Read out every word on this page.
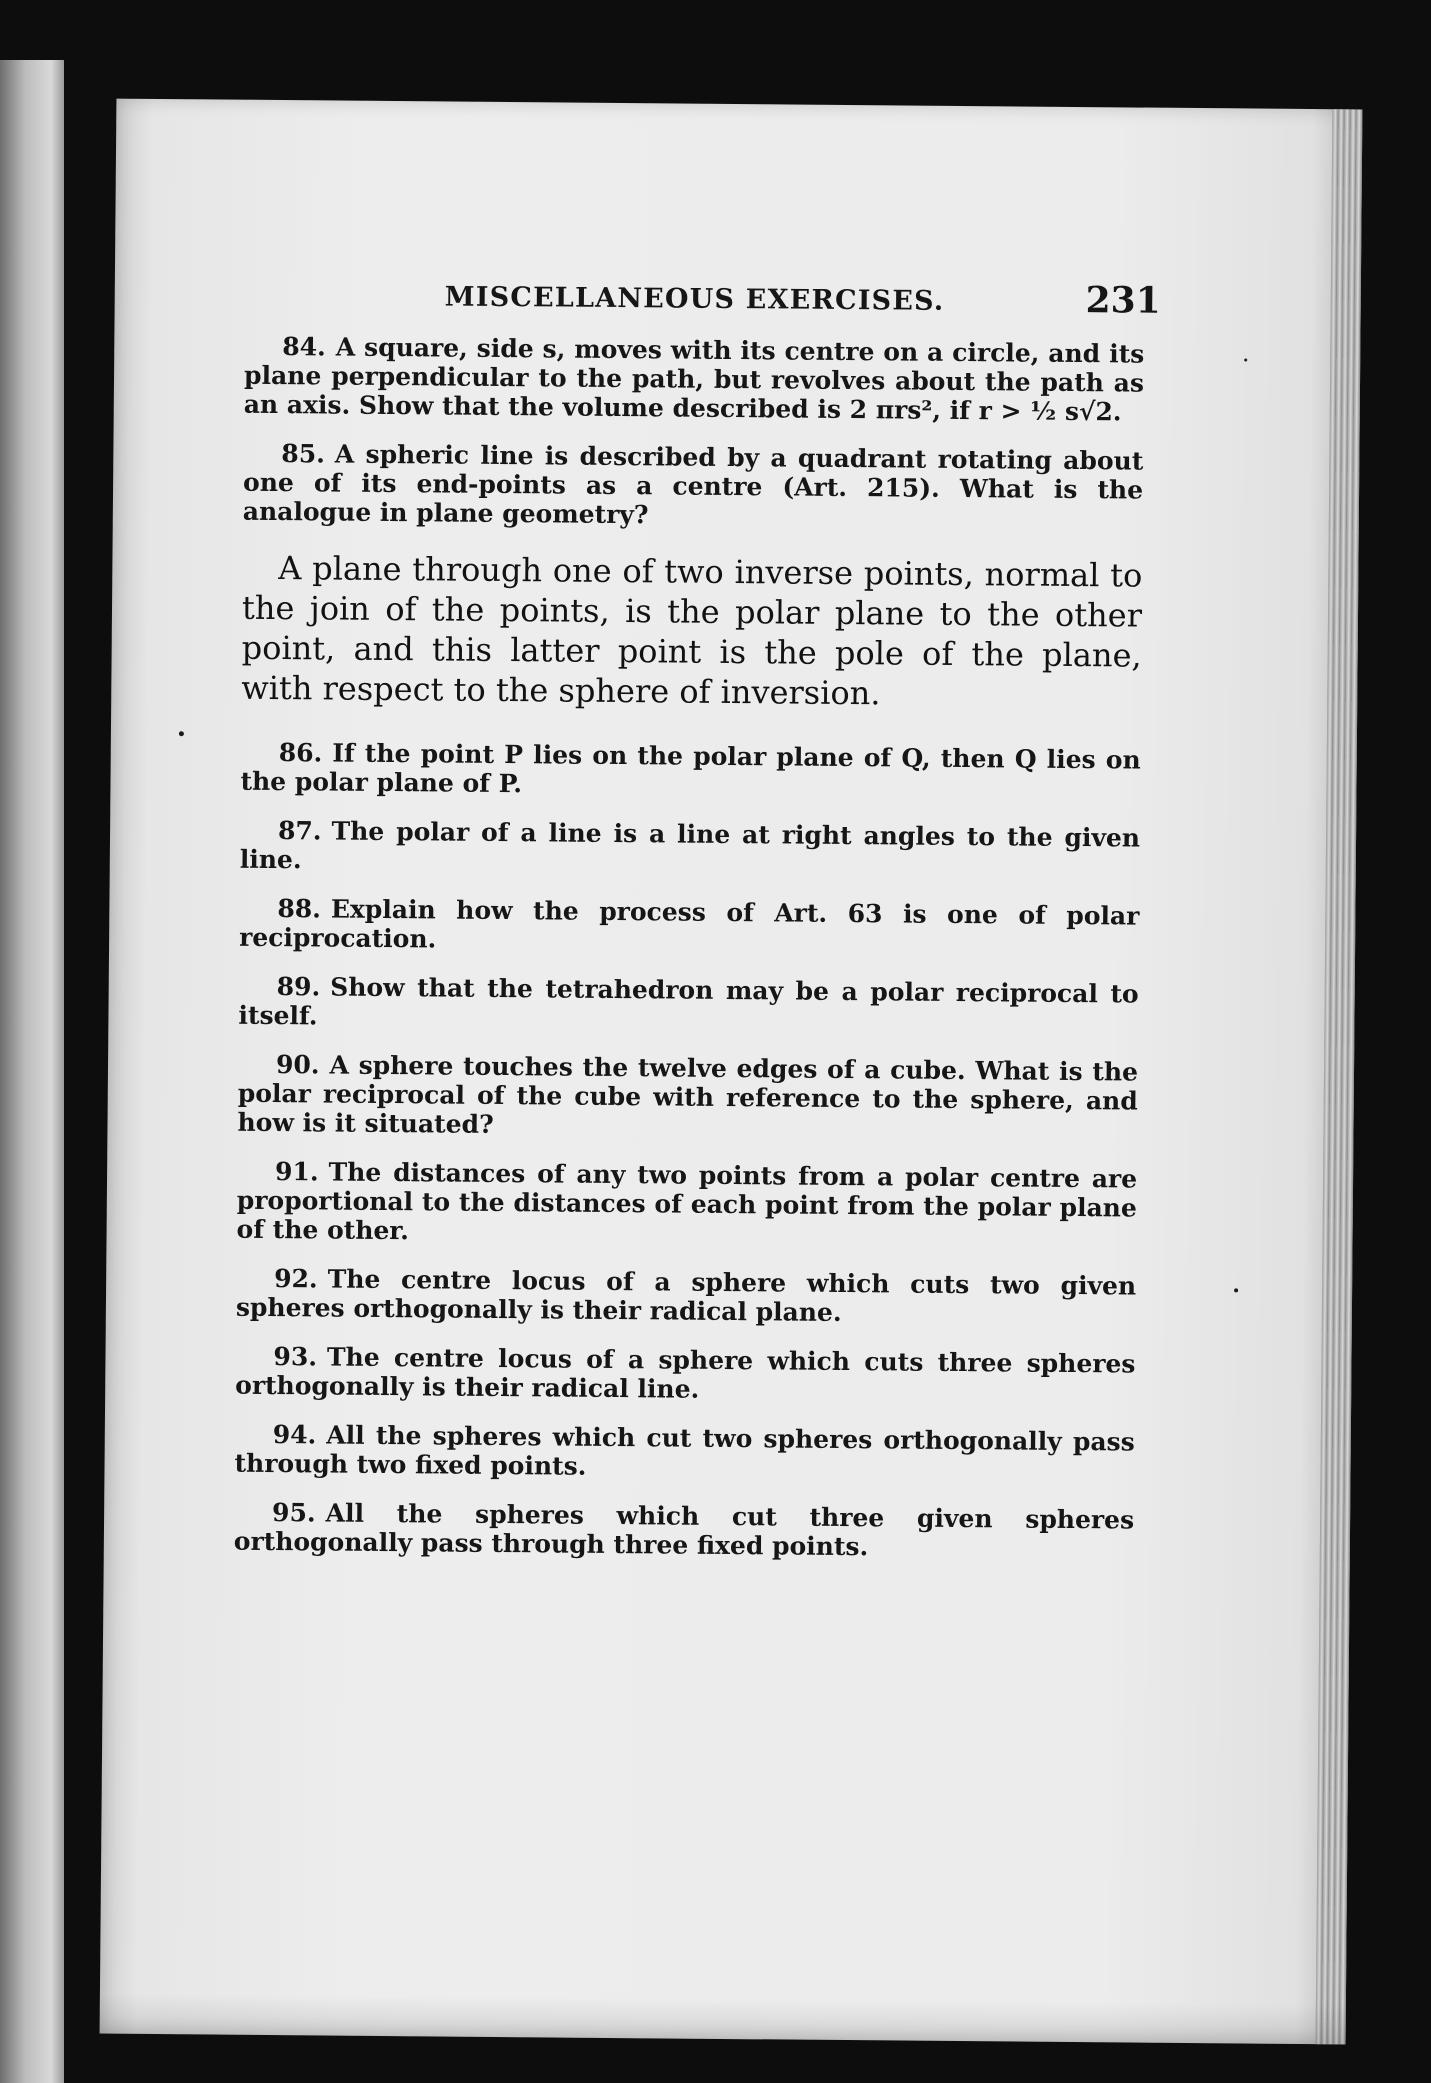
MISCELLANEOUS EXERCISES.	231

84. A square, side s, moves with its centre on a circle, and its plane perpendicular to the path, but revolves about the path as an axis. Show that the volume described is 2 πrs², if r > ½ s√2.

85. A spheric line is described by a quadrant rotating about one of its end-points as a centre (Art. 215). What is the analogue in plane geometry?

A plane through one of two inverse points, normal to the join of the points, is the polar plane to the other point, and this latter point is the pole of the plane, with respect to the sphere of inversion.

86. If the point P lies on the polar plane of Q, then Q lies on the polar plane of P.

87. The polar of a line is a line at right angles to the given line.

88. Explain how the process of Art. 63 is one of polar reciprocation.

89. Show that the tetrahedron may be a polar reciprocal to itself.

90. A sphere touches the twelve edges of a cube. What is the polar reciprocal of the cube with reference to the sphere, and how is it situated?

91. The distances of any two points from a polar centre are proportional to the distances of each point from the polar plane of the other.

92. The centre locus of a sphere which cuts two given spheres orthogonally is their radical plane.

93. The centre locus of a sphere which cuts three spheres orthogonally is their radical line.

94. All the spheres which cut two spheres orthogonally pass through two fixed points.

95. All the spheres which cut three given spheres orthogonally pass through three fixed points.
